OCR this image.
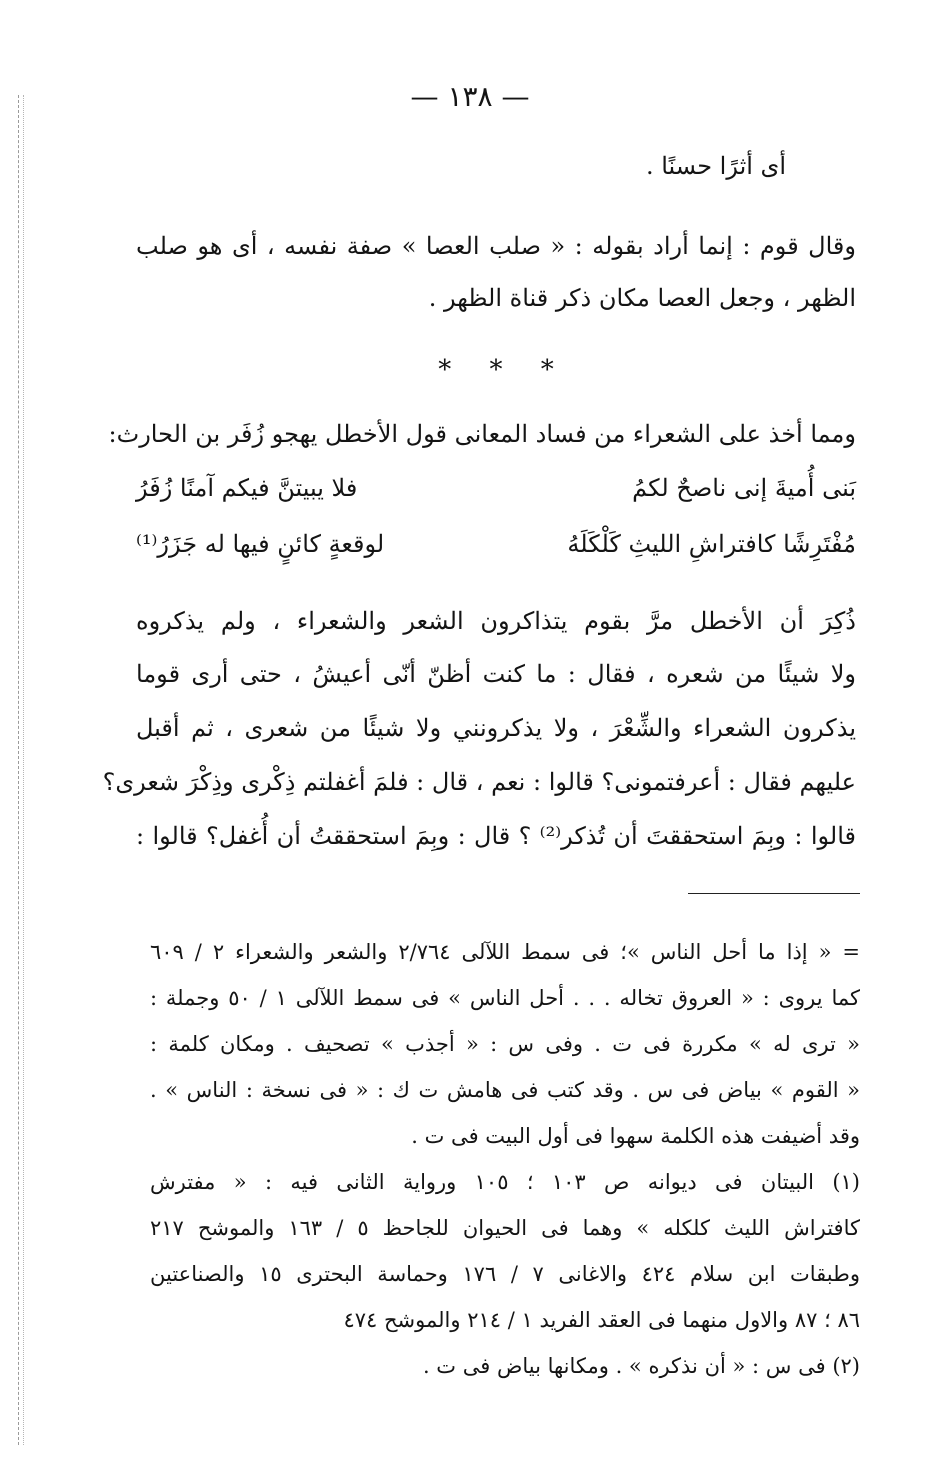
— ١٣٨ —
أى أثرًا حسنًا .
وقال قوم : إنما أراد بقوله : « صلب العصا » صفة نفسه ، أى هو صلب
الظهر ، وجعل العصا مكان ذكر قناة الظهر .
* * *
ومما أخذ على الشعراء من فساد المعانى قول الأخطل يهجو زُفَر بن الحارث:
بَنى أُميةَ إنى ناصحٌ لكمُ
فلا يبيتنَّ فيكم آمنًا زُفَرُ
مُفْتَرِشًا كافتراشِ الليثِ كَلْكَلَهُ
لوقعةٍ كائنٍ فيها له جَزَرُ⁽¹⁾
ذُكِرَ أن الأخطل مرَّ بقوم يتذاكرون الشعر والشعراء ، ولم يذكروه
ولا شيئًا من شعره ، فقال : ما كنت أظنّ أنّى أعيشُ ، حتى أرى قوما
يذكرون الشعراء والشِّعْرَ ، ولا يذكرونني ولا شيئًا من شعرى ، ثم أقبل
عليهم فقال : أعرفتمونى؟ قالوا : نعم ، قال : فلمَ أغفلتم ذِكْرى وذِكْرَ شعرى؟
قالوا : وبِمَ استحققتَ أن تُذكر⁽²⁾ ؟ قال : وبِمَ استحققتُ أن أُغفل؟ قالوا :
= « إذا ما أحل الناس »؛ فى سمط اللآلى ٢/٧٦٤ والشعر والشعراء ٢ / ٦٠٩
كما يروى : « العروق تخاله . . . أحل الناس » فى سمط اللآلى ١ / ٥٠ وجملة :
« ترى له » مكررة فى ت . وفى س : « أجذب » تصحيف . ومكان كلمة :
« القوم » بياض فى س . وقد كتب فى هامش ت ك : « فى نسخة : الناس » .
وقد أضيفت هذه الكلمة سهوا فى أول البيت فى ت .
(١) البيتان فى ديوانه ص ١٠٣ ؛ ١٠٥ ورواية الثانى فيه : « مفترش
كافتراش الليث كلكله » وهما فى الحيوان للجاحظ ٥ / ١٦٣ والموشح ٢١٧
وطبقات ابن سلام ٤٢٤ والاغانى ٧ / ١٧٦ وحماسة البحترى ١٥ والصناعتين
٨٦ ؛ ٨٧ والاول منهما فى العقد الفريد ١ / ٢١٤ والموشح ٤٧٤
(٢) فى س : « أن نذكره » . ومكانها بياض فى ت .
